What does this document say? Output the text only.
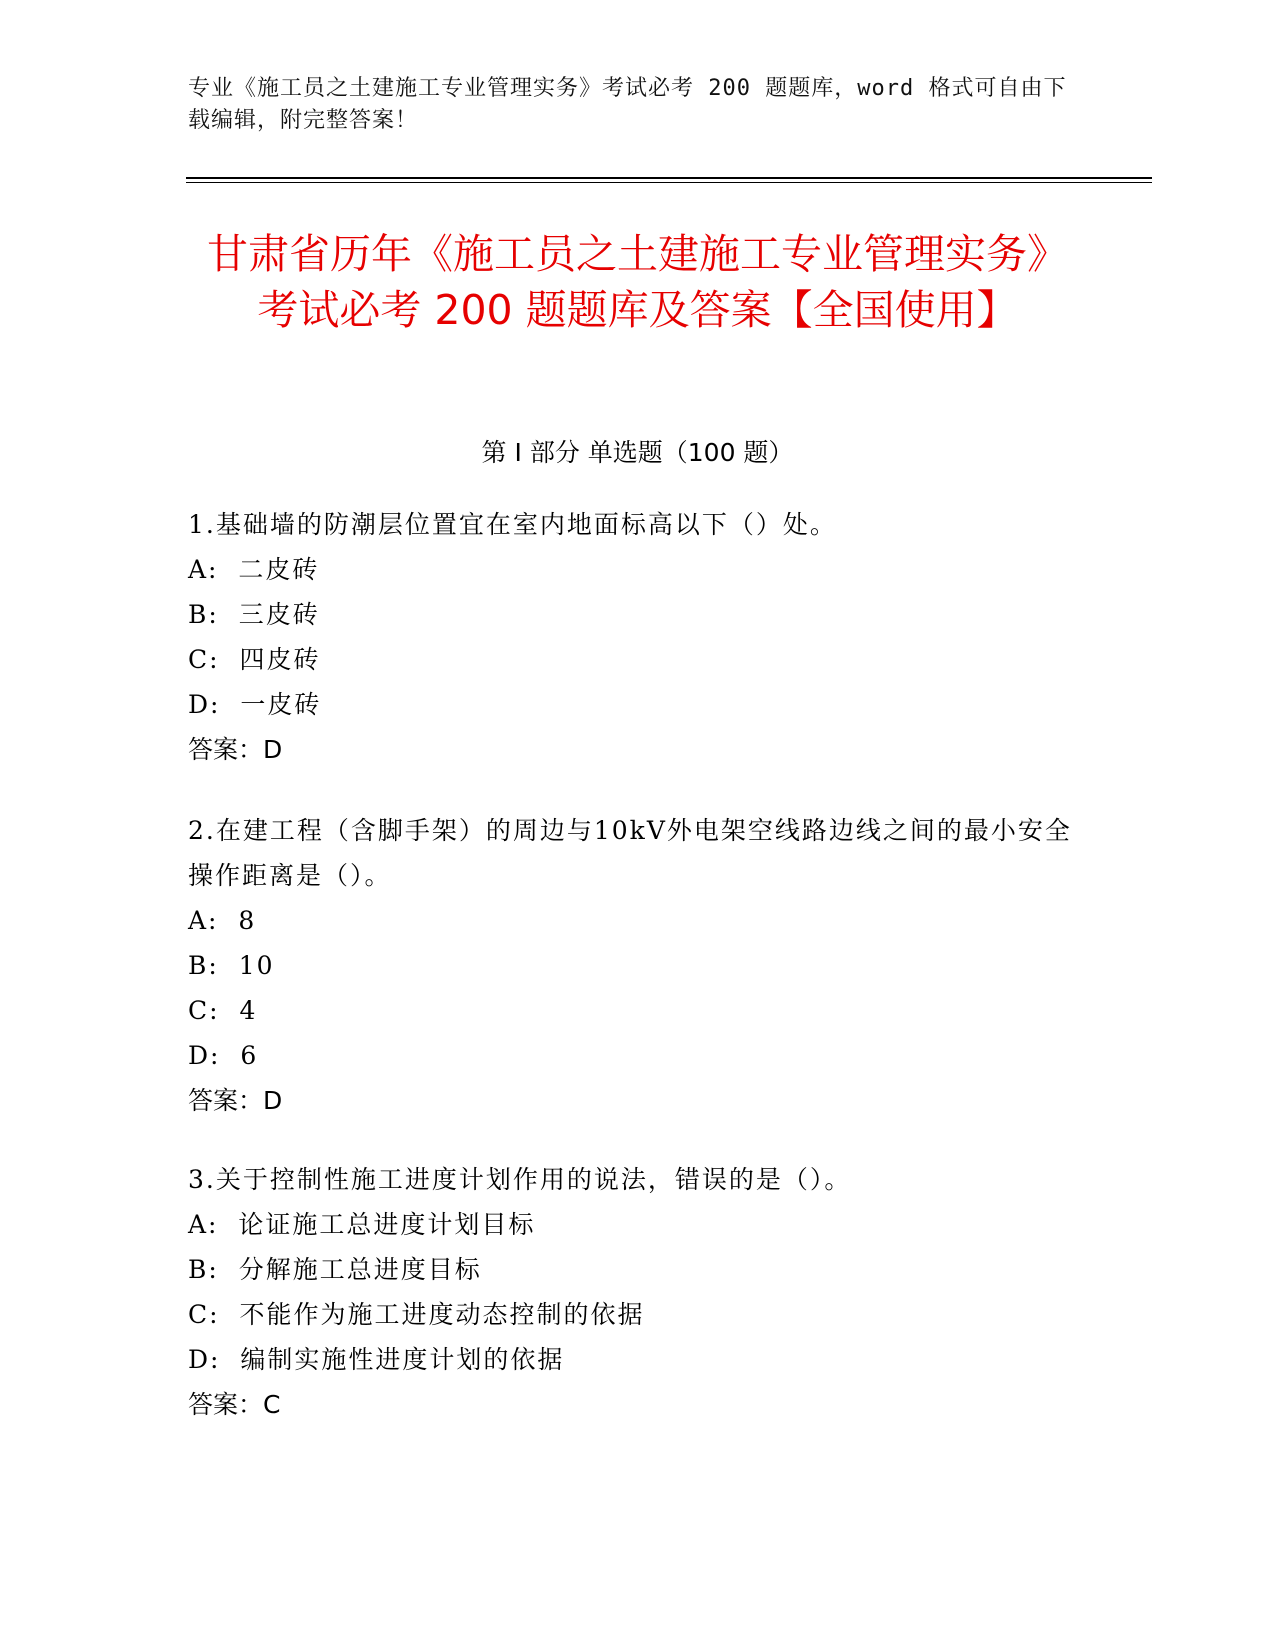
专业《施工员之土建施工专业管理实务》考试必考 200 题题库，word 格式可自由下载编辑，附完整答案！
甘肃省历年《施工员之土建施工专业管理实务》考试必考 200 题题库及答案【全国使用】
第 I 部分 单选题（100 题）

1.基础墙的防潮层位置宜在室内地面标高以下（）处。

A:  二皮砖

B:  三皮砖

C:  四皮砖

D:  一皮砖

答案：D

2.在建工程（含脚手架）的周边与10kV外电架空线路边线之间的最小安全操作距离是（）。

A:  8

B:  10

C:  4

D:  6

答案：D

3.关于控制性施工进度计划作用的说法，错误的是（）。

A:  论证施工总进度计划目标

B:  分解施工总进度目标

C:  不能作为施工进度动态控制的依据

D:  编制实施性进度计划的依据

答案：C
